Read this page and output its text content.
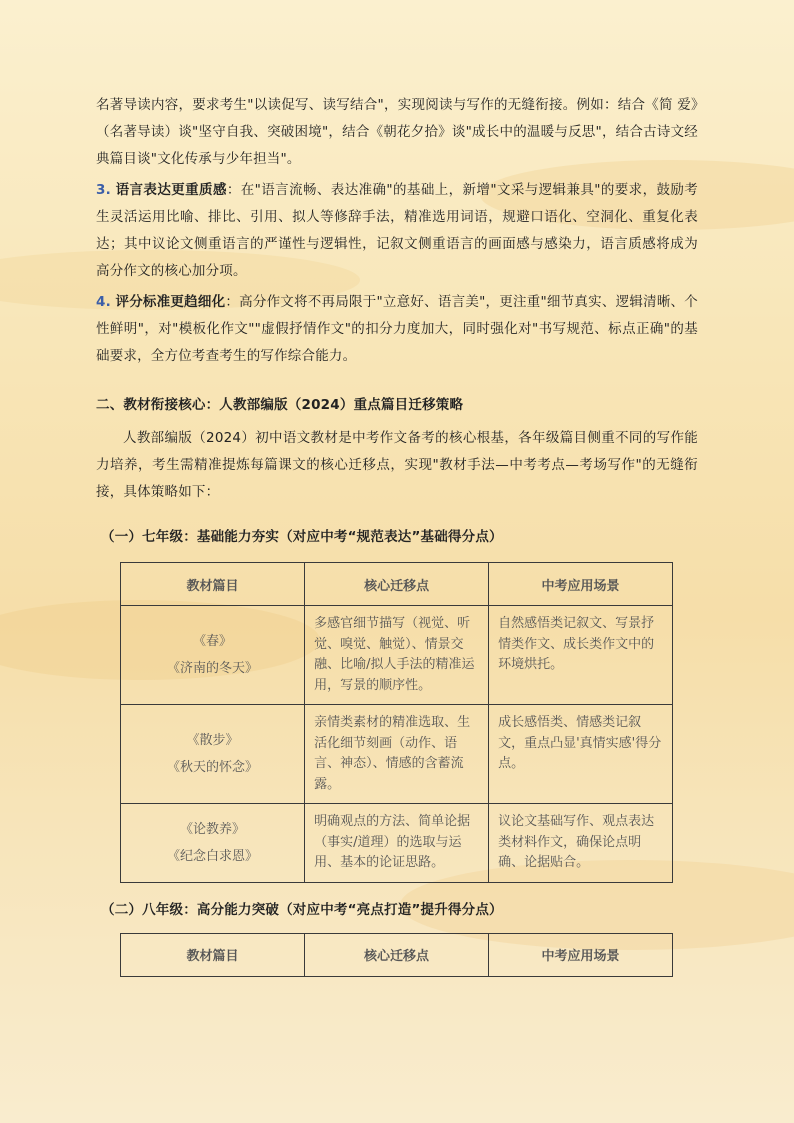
名著导读内容，要求考生"以读促写、读写结合"，实现阅读与写作的无缝衔接。例如：结合《简 爱》（名著导读）谈"坚守自我、突破困境"，结合《朝花夕拾》谈"成长中的温暖与反思"，结合古诗文经典篇目谈"文化传承与少年担当"。

3. 语言表达更重质感：在"语言流畅、表达准确"的基础上，新增"文采与逻辑兼具"的要求，鼓励考生灵活运用比喻、排比、引用、拟人等修辞手法，精准选用词语，规避口语化、空洞化、重复化表达；其中议论文侧重语言的严谨性与逻辑性，记叙文侧重语言的画面感与感染力，语言质感将成为高分作文的核心加分项。

4. 评分标准更趋细化：高分作文将不再局限于"立意好、语言美"，更注重"细节真实、逻辑清晰、个性鲜明"，对"模板化作文""虚假抒情作文"的扣分力度加大，同时强化对"书写规范、标点正确"的基础要求，全方位考查考生的写作综合能力。

二、教材衔接核心：人教部编版（2024）重点篇目迁移策略

人教部编版（2024）初中语文教材是中考作文备考的核心根基，各年级篇目侧重不同的写作能力培养，考生需精准提炼每篇课文的核心迁移点，实现"教材手法—中考考点—考场写作"的无缝衔接，具体策略如下：

（一）七年级：基础能力夯实（对应中考“规范表达”基础得分点）

教材篇目	核心迁移点	中考应用场景
《春》
《济南的冬天》	多感官细节描写（视觉、听觉、嗅觉、触觉）、情景交融、比喻/拟人手法的精准运用，写景的顺序性。	自然感悟类记叙文、写景抒情类作文、成长类作文中的环境烘托。
《散步》
《秋天的怀念》	亲情类素材的精准选取、生活化细节刻画（动作、语言、神态）、情感的含蓄流露。	成长感悟类、情感类记叙文，重点凸显'真情实感'得分点。
《论教养》
《纪念白求恩》	明确观点的方法、简单论据（事实/道理）的选取与运用、基本的论证思路。	议论文基础写作、观点表达类材料作文，确保论点明确、论据贴合。

（二）八年级：高分能力突破（对应中考“亮点打造”提升得分点）

教材篇目	核心迁移点	中考应用场景
